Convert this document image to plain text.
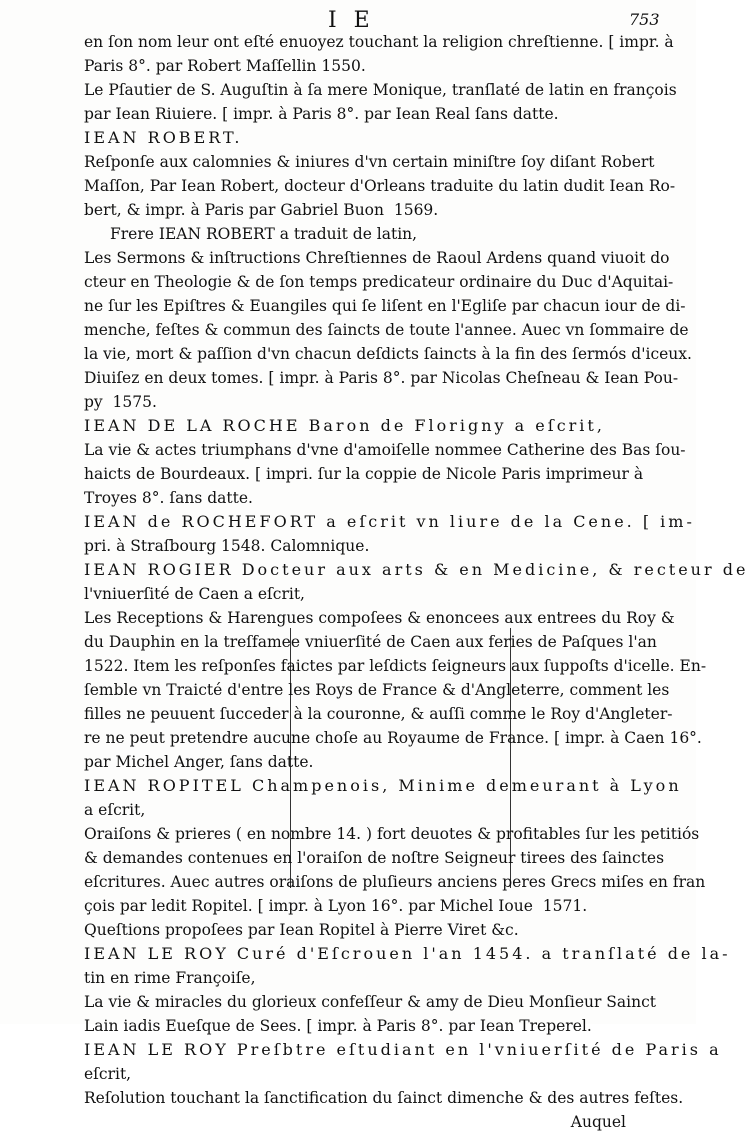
I E	753
en ſon nom leur ont eſté enuoyez touchant la religion chreſtienne. [ impr. à
Paris 8°. par Robert Maſſellin 1550.
Le Pſautier de S. Auguſtin à ſa mere Monique, tranſlaté de latin en françois
par Iean Riuiere. [ impr. à Paris 8°. par Iean Real ſans datte.
IEAN ROBERT.
Reſponſe aux calomnies & iniures d'vn certain miniſtre ſoy diſant Robert
Maſſon, Par Iean Robert, docteur d'Orleans traduite du latin dudit Iean Ro-
bert, & impr. à Paris par Gabriel Buon  1569.
Frere IEAN ROBERT a traduit de latin,
Les Sermons & inſtructions Chreſtiennes de Raoul Ardens quand viuoit do
cteur en Theologie & de ſon temps predicateur ordinaire du Duc d'Aquitai-
ne ſur les Epiſtres & Euangiles qui ſe liſent en l'Egliſe par chacun iour de di-
menche, feſtes & commun des ſaincts de toute l'annee. Auec vn ſommaire de
la vie, mort & paſſion d'vn chacun deſdicts ſaincts à la fin des ſermós d'iceux.
Diuiſez en deux tomes. [ impr. à Paris 8°. par Nicolas Cheſneau & Iean Pou-
py  1575.
IEAN DE LA ROCHE Baron de Florigny a eſcrit,
La vie & actes triumphans d'vne d'amoiſelle nommee Catherine des Bas ſou-
haicts de Bourdeaux. [ impri. ſur la coppie de Nicole Paris imprimeur à
Troyes 8°. ſans datte.
IEAN de ROCHEFORT a eſcrit vn liure de la Cene. [ im-
pri. à Straſbourg 1548. Calomnique.
IEAN ROGIER Docteur aux arts & en Medicine, & recteur de
l'vniuerſité de Caen a eſcrit,
Les Receptions & Harengues compoſees & enoncees aux entrees du Roy &
du Dauphin en la treſfamee vniuerſité de Caen aux feries de Paſques l'an
1522. Item les reſponſes faictes par leſdicts ſeigneurs aux ſuppoſts d'icelle. En-
ſemble vn Traicté d'entre les Roys de France & d'Angleterre, comment les
filles ne peuuent ſucceder à la couronne, & auſſi comme le Roy d'Angleter-
re ne peut pretendre aucune choſe au Royaume de France. [ impr. à Caen 16°.
par Michel Anger, ſans datte.
IEAN ROPITEL Champenois, Minime demeurant à Lyon
a eſcrit,
Oraiſons & prieres ( en nombre 14. ) fort deuotes & profitables ſur les petitiós
& demandes contenues en l'oraiſon de noſtre Seigneur tirees des ſainctes
eſcritures. Auec autres oraiſons de pluſieurs anciens peres Grecs miſes en fran
çois par ledit Ropitel. [ impr. à Lyon 16°. par Michel Ioue  1571.
Queſtions propoſees par Iean Ropitel à Pierre Viret &c.
IEAN LE ROY Curé d'Eſcrouen l'an 1454. a tranſlaté de la-
tin en rime Françoiſe,
La vie & miracles du glorieux confeſſeur & amy de Dieu Monſieur Sainct
Lain iadis Eueſque de Sees. [ impr. à Paris 8°. par Iean Treperel.
IEAN LE ROY Preſbtre eſtudiant en l'vniuerſité de Paris a
eſcrit,
Reſolution touchant la ſanctification du ſainct dimenche & des autres feſtes.
Auquel
